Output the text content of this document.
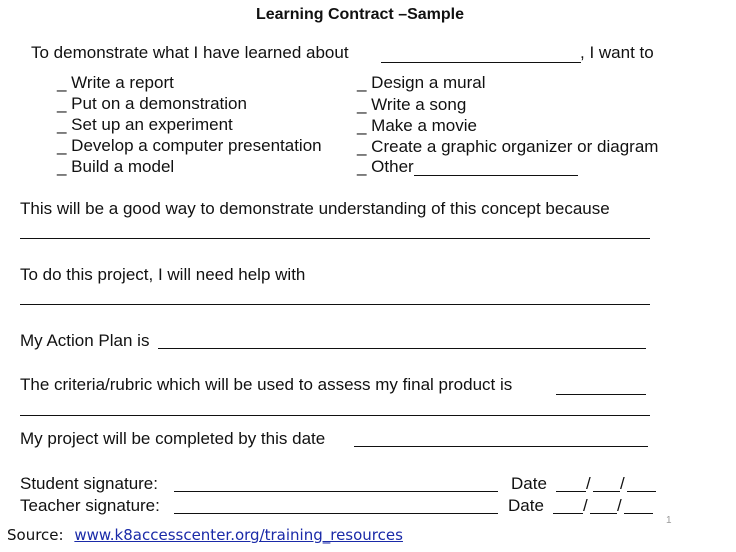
Learning Contract –Sample
To demonstrate what I have learned about	, I want to
_ Write a report
_ Put on a demonstration
_ Set up an experiment
_ Develop a computer presentation
_ Build a model
_ Design a mural
_ Write a song
_ Make a movie
_ Create a graphic organizer or diagram
_ Other
This will be a good way to demonstrate understanding of this concept because
To do this project, I will need help with
My Action Plan is
The criteria/rubric which will be used to assess my final product is
My project will be completed by this date
Student signature:	Date / /
Teacher signature:	Date / /
1
Source: www.k8accesscenter.org/training_resources
